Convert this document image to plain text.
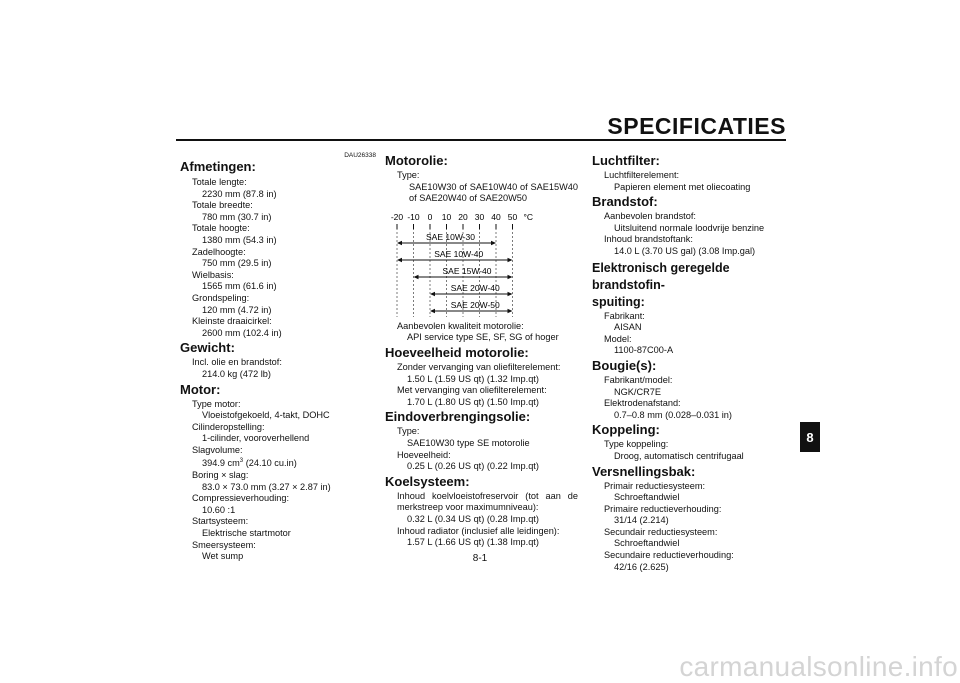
SPECIFICATIES
DAU26338
8

Afmetingen:

Totale lengte:
2230 mm (87.8 in)
Totale breedte:
780 mm (30.7 in)
Totale hoogte:
1380 mm (54.3 in)
Zadelhoogte:
750 mm (29.5 in)
Wielbasis:
1565 mm (61.6 in)
Grondspeling:
120 mm (4.72 in)
Kleinste draaicirkel:
2600 mm (102.4 in)

Gewicht:

Incl. olie en brandstof:
214.0 kg (472 lb)

Motor:

Type motor:
Vloeistofgekoeld, 4-takt, DOHC
Cilinderopstelling:
1-cilinder, vooroverhellend
Slagvolume:
394.9 $cm^3$ (24.10 cu.in)
Boring × slag:
83.0 × 73.0 mm (3.27 × 2.87 in)
Compressieverhouding:
10.60 :1
Startsysteem:
Elektrische startmotor
Smeersysteem:
Wet sump

Motorolie:

Type:
SAE10W30 of SAE10W40 of SAE15W40 of SAE20W40 of SAE20W50
-20 -10 0 10 20 30 40 50 °C
SAE 10W-30
SAE 10W-40
SAE 15W-40
SAE 20W-40
SAE 20W-50
Aanbevolen kwaliteit motorolie:
API service type SE, SF, SG of hoger

Hoeveelheid motorolie:

Zonder vervanging van oliefilterelement:
1.50 L (1.59 US qt) (1.32 Imp.qt)
Met vervanging van oliefilterelement:
1.70 L (1.80 US qt) (1.50 Imp.qt)

Eindoverbrengingsolie:

Type:
SAE10W30 type SE motorolie
Hoeveelheid:
0.25 L (0.26 US qt) (0.22 Imp.qt)

Koelsysteem:

Inhoud koelvloeistofreservoir (tot aan de merkstreep voor maximumniveau):
0.32 L (0.34 US qt) (0.28 Imp.qt)
Inhoud radiator (inclusief alle leidingen):
1.57 L (1.66 US qt) (1.38 Imp.qt)

Luchtfilter:

Luchtfilterelement:
Papieren element met oliecoating

Brandstof:

Aanbevolen brandstof:
Uitsluitend normale loodvrije benzine
Inhoud brandstoftank:
14.0 L (3.70 US gal) (3.08 Imp.gal)

Elektronisch geregelde brandstofin-
spuiting:

Fabrikant:
AISAN
Model:
1100-87C00-A

Bougie(s):

Fabrikant/model:
NGK/CR7E
Elektrodenafstand:
0.7–0.8 mm (0.028–0.031 in)

Koppeling:

Type koppeling:
Droog, automatisch centrifugaal

Versnellingsbak:

Primair reductiesysteem:
Schroeftandwiel
Primaire reductieverhouding:
31/14 (2.214)
Secundair reductiesysteem:
Schroeftandwiel
Secundaire reductieverhouding:
42/16 (2.625)
8-1
carmanualsonline.info
